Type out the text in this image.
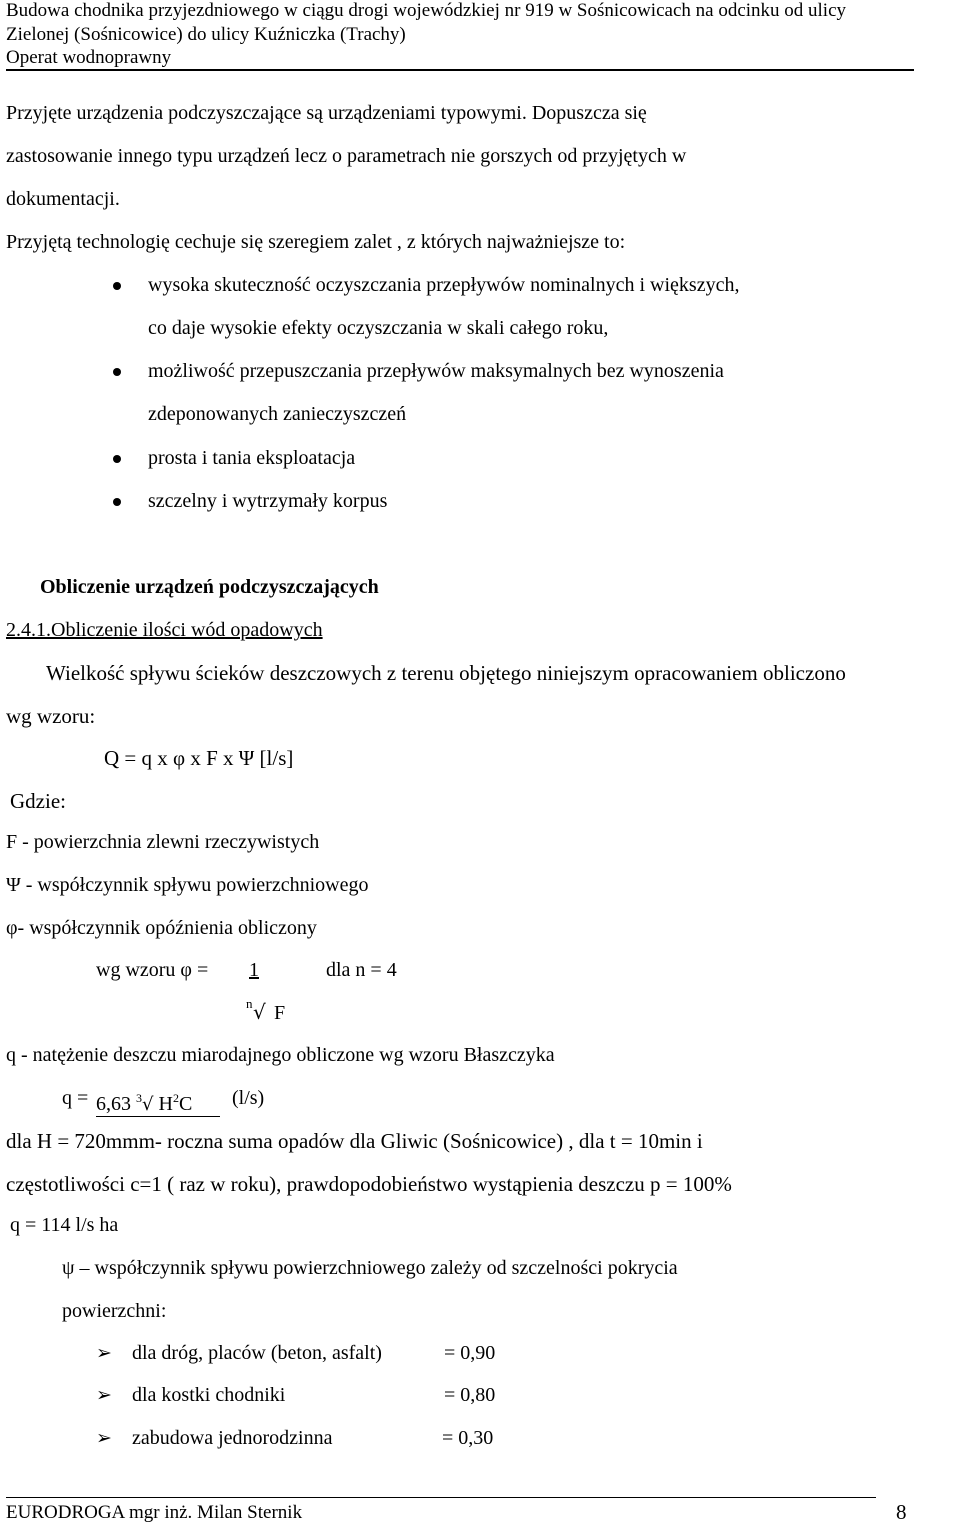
Budowa chodnika przyjezdniowego w ciągu drogi wojewódzkiej nr 919 w Sośnicowicach na odcinku od ulicy
Zielonej (Sośnicowice) do ulicy Kuźniczka (Trachy)
Operat wodnoprawny
Przyjęte urządzenia podczyszczające są urządzeniami typowymi. Dopuszcza się
zastosowanie innego typu urządzeń lecz o parametrach nie gorszych od przyjętych w
dokumentacji.
Przyjętą technologię cechuje się szeregiem zalet , z których najważniejsze to:
wysoka skuteczność oczyszczania przepływów nominalnych i większych,
co daje wysokie efekty oczyszczania w skali całego roku,
możliwość przepuszczania przepływów maksymalnych bez wynoszenia
zdeponowanych zanieczyszczeń
prosta i tania eksploatacja
szczelny i wytrzymały korpus
Obliczenie urządzeń podczyszczających
2.4.1.Obliczenie ilości wód opadowych
Wielkość spływu ścieków deszczowych z terenu objętego niniejszym opracowaniem obliczono
wg wzoru:
Q = q x φ x F x Ψ [l/s]
Gdzie:
F - powierzchnia zlewni rzeczywistych
Ψ - współczynnik spływu powierzchniowego
φ- współczynnik opóźnienia obliczony
wg wzoru φ = 1	dla n = 4
n √ F
q - natężenie deszczu miarodajnego obliczone wg wzoru Błaszczyka
q = 6,63 $^3$√ $H^2C$	(l/s)
dla H = 720mmm- roczna suma opadów dla Gliwic (Sośnicowice) , dla t = 10min i
częstotliwości c=1 ( raz w roku), prawdopodobieństwo wystąpienia deszczu p = 100%
q = 114 l/s ha
ψ – współczynnik spływu powierzchniowego zależy od szczelności pokrycia
powierzchni:
➢ dla dróg, placów (beton, asfalt)	= 0,90
➢ dla kostki chodniki	= 0,80
➢ zabudowa jednorodzinna	= 0,30
EURODROGA mgr inż. Milan Sternik	8
